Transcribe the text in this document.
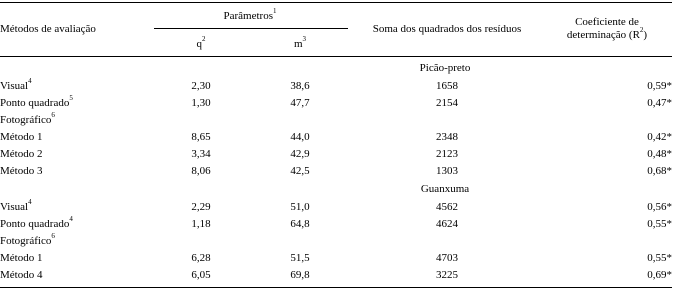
Métodos de avaliação
Parâmetros$^1$
$q^2$	$m^3$
Soma dos quadrados dos resíduos
Coeficiente de
determinação $(R^2)$
Picão-preto
Visual$^4$	2,30	38,6	1658	0,59*
Ponto quadrado$^5$	1,30	47,7	2154	0,47*
Fotográfico$^6$
Método 1	8,65	44,0	2348	0,42*
Método 2	3,34	42,9	2123	0,48*
Método 3	8,06	42,5	1303	0,68*
Guanxuma
Visual$^4$	2,29	51,0	4562	0,56*
Ponto quadrado$^4$	1,18	64,8	4624	0,55*
Fotográfico$^6$
Método 1	6,28	51,5	4703	0,55*
Método 4	6,05	69,8	3225	0,69*
